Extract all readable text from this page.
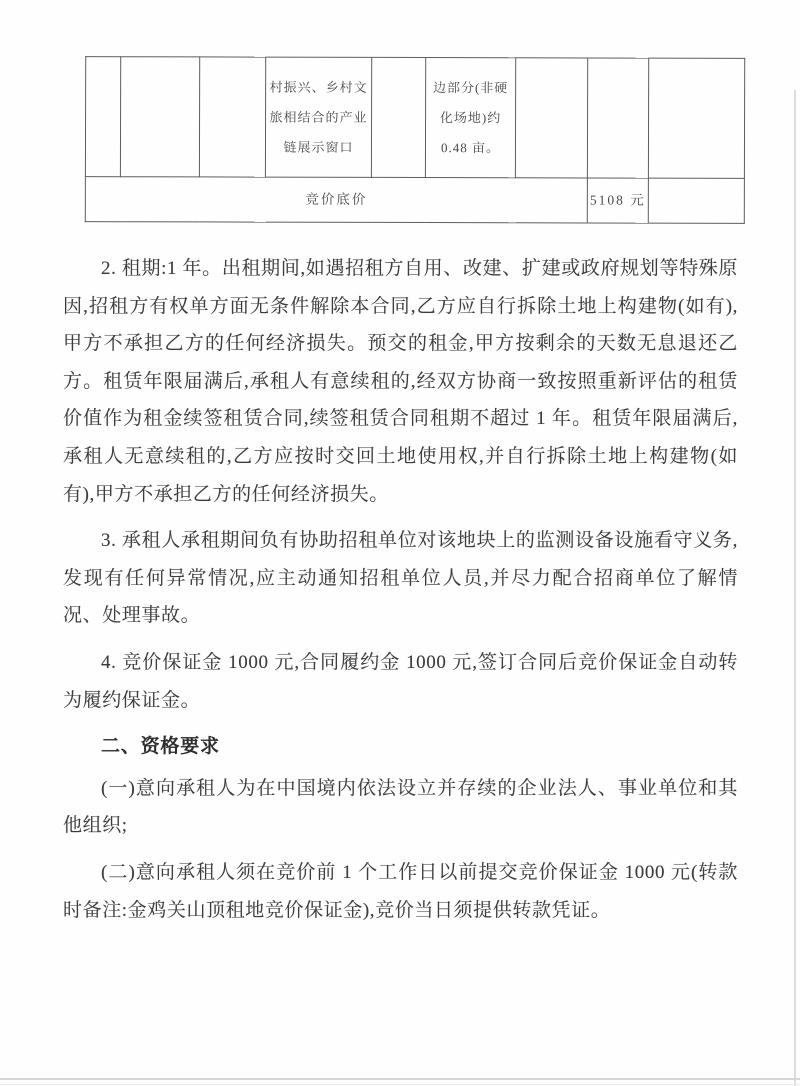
			村振兴、乡村文
旅相结合的产业
链展示窗口		边部分(非硬
化场地)约
0.48 亩。			
竞价底价							5108 元	

2. 租期:1 年。出租期间,如遇招租方自用、改建、扩建或政府规划等特殊原因,招租方有权单方面无条件解除本合同,乙方应自行拆除土地上构建物(如有),甲方不承担乙方的任何经济损失。预交的租金,甲方按剩余的天数无息退还乙方。租赁年限届满后,承租人有意续租的,经双方协商一致按照重新评估的租赁价值作为租金续签租赁合同,续签租赁合同租期不超过 1 年。租赁年限届满后,承租人无意续租的,乙方应按时交回土地使用权,并自行拆除土地上构建物(如有),甲方不承担乙方的任何经济损失。

3. 承租人承租期间负有协助招租单位对该地块上的监测设备设施看守义务,发现有任何异常情况,应主动通知招租单位人员,并尽力配合招商单位了解情况、处理事故。

4. 竞价保证金 1000 元,合同履约金 1000 元,签订合同后竞价保证金自动转为履约保证金。

二、资格要求

(一)意向承租人为在中国境内依法设立并存续的企业法人、事业单位和其他组织;

(二)意向承租人须在竞价前 1 个工作日以前提交竞价保证金 1000 元(转款时备注:金鸡关山顶租地竞价保证金),竞价当日须提供转款凭证。
